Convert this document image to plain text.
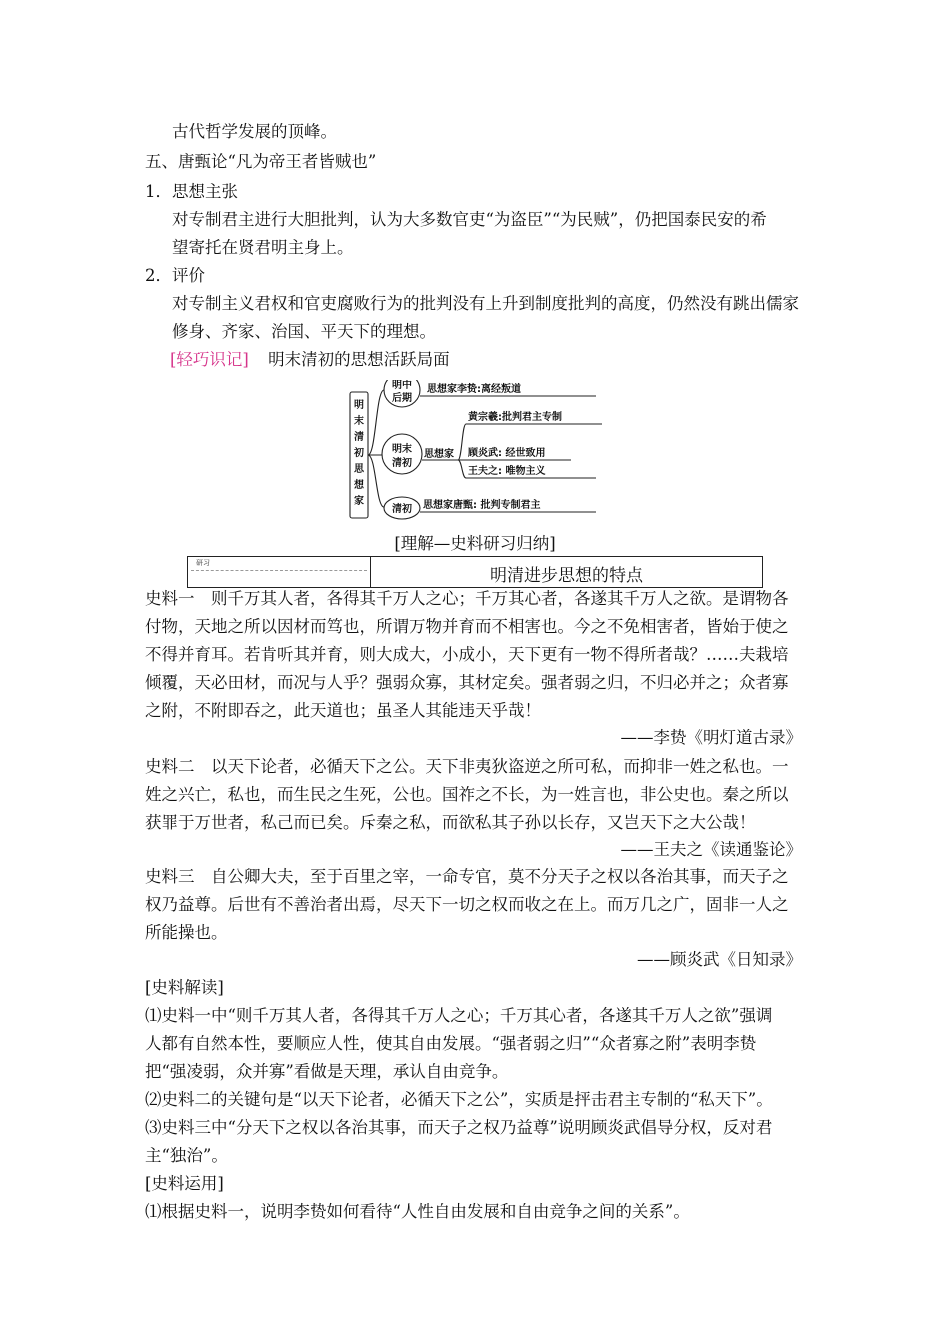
古代哲学发展的顶峰。
五、唐甄论“凡为帝王者皆贼也”
1．思想主张
对专制君主进行大胆批判，认为大多数官吏“为盗臣”“为民贼”，仍把国泰民安的希
望寄托在贤君明主身上。
2．评价
对专制主义君权和官吏腐败行为的批判没有上升到制度批判的高度，仍然没有跳出儒家
修身、齐家、治国、平天下的理想。
[轻巧识记] 明末清初的思想活跃局面
明
末
清
初
思
想
家
明中
后期
思想家李贽:离经叛道
明末
清初
思想家
黄宗羲:批判君主专制
顾炎武: 经世致用
王夫之: 唯物主义
清初 思想家唐甄: 批判专制君主
[理解—史料研习归纳]
研习
明清进步思想的特点
史料一　则千万其人者，各得其千万人之心；千万其心者，各遂其千万人之欲。是谓物各
付物，天地之所以因材而笃也，所谓万物并育而不相害也。今之不免相害者，皆始于使之
不得并育耳。若肯听其并育，则大成大，小成小，天下更有一物不得所者哉？……夫栽培
倾覆，天必田材，而况与人乎？强弱众寡，其材定矣。强者弱之归，不归必并之；众者寡
之附，不附即吞之，此天道也；虽圣人其能违天乎哉！
——李贽《明灯道古录》
史料二　以天下论者，必循天下之公。天下非夷狄盗逆之所可私，而抑非一姓之私也。一
姓之兴亡，私也，而生民之生死，公也。国祚之不长，为一姓言也，非公史也。秦之所以
获罪于万世者，私己而已矣。斥秦之私，而欲私其子孙以长存，又岂天下之大公哉！
——王夫之《读通鉴论》
史料三　自公卿大夫，至于百里之宰，一命专官，莫不分天子之权以各治其事，而天子之
权乃益尊。后世有不善治者出焉，尽天下一切之权而收之在上。而万几之广，固非一人之
所能操也。
——顾炎武《日知录》
[史料解读]
⑴史料一中“则千万其人者，各得其千万人之心；千万其心者，各遂其千万人之欲”强调
人都有自然本性，要顺应人性，使其自由发展。“强者弱之归”“众者寡之附”表明李贽
把“强凌弱，众并寡”看做是天理，承认自由竞争。
⑵史料二的关键句是“以天下论者，必循天下之公”，实质是抨击君主专制的“私天下”。
⑶史料三中“分天下之权以各治其事，而天子之权乃益尊”说明顾炎武倡导分权，反对君
主“独治”。
[史料运用]
⑴根据史料一，说明李贽如何看待“人性自由发展和自由竞争之间的关系”。
